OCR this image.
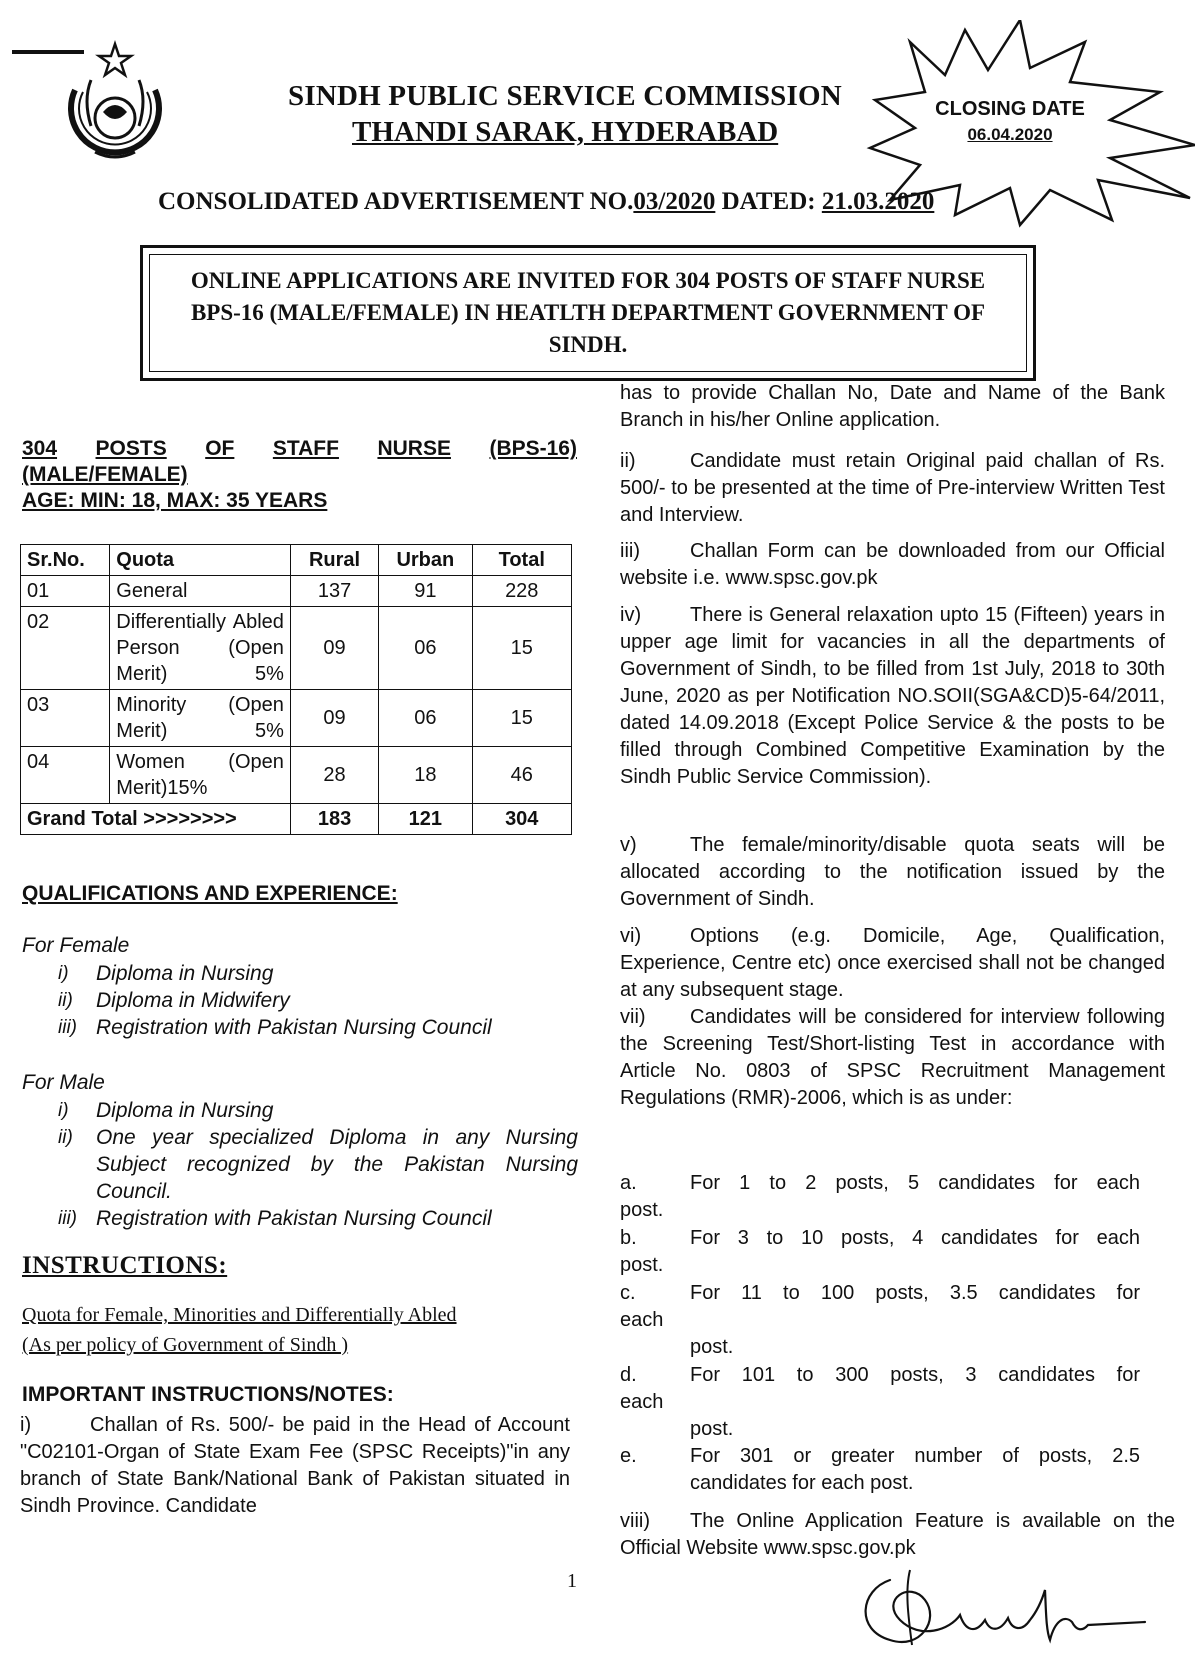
SINDH PUBLIC SERVICE COMMISSION
THANDI SARAK, HYDERABAD
CLOSING DATE
06.04.2020
CONSOLIDATED ADVERTISEMENT NO.03/2020 DATED: 21.03.2020
ONLINE APPLICATIONS ARE INVITED FOR 304 POSTS OF STAFF NURSE BPS-16 (MALE/FEMALE) IN HEATLTH DEPARTMENT GOVERNMENT OF SINDH.
304 POSTS OF STAFF NURSE (BPS-16)
(MALE/FEMALE)
AGE: MIN: 18, MAX: 35 YEARS
Sr.No.	Quota	Rural	Urban	Total
01	General	137	91	228
02	Differentially Abled Person (Open Merit) 5%	09	06	15
03	Minority (Open Merit) 5%	09	06	15
04	Women (Open Merit)15%	28	18	46
Grand Total >>>>>>>>		183	121	304
QUALIFICATIONS AND EXPERIENCE:
For Female
i)	Diploma in Nursing
ii)	Diploma in Midwifery
iii) Registration with Pakistan Nursing Council
For Male
i)	Diploma in Nursing
ii)	One year specialized Diploma in any Nursing Subject recognized by the Pakistan Nursing Council.
iii) Registration with Pakistan Nursing Council
INSTRUCTIONS:
Quota for Female, Minorities and Differentially Abled
(As per policy of Government of Sindh )
IMPORTANT INSTRUCTIONS/NOTES:
i)	Challan of Rs. 500/- be paid in the Head of Account "C02101-Organ of State Exam Fee (SPSC Receipts)"in any branch of State Bank/National Bank of Pakistan situated in Sindh Province. Candidate
has to provide Challan No, Date and Name of the Bank Branch in his/her Online application.
ii)	Candidate must retain Original paid challan of Rs. 500/- to be presented at the time of Pre-interview Written Test and Interview.
iii)	Challan Form can be downloaded from our Official website i.e. www.spsc.gov.pk
iv) There is General relaxation upto 15 (Fifteen) years in upper age limit for vacancies in all the departments of Government of Sindh, to be filled from 1st July, 2018 to 30th June, 2020 as per Notification NO.SOII(SGA&CD)5-64/2011, dated 14.09.2018 (Except Police Service & the posts to be filled through Combined Competitive Examination by the Sindh Public Service Commission).
v)	The female/minority/disable quota seats will be allocated according to the notification issued by the Government of Sindh.
vi) Options (e.g. Domicile, Age, Qualification, Experience, Centre etc) once exercised shall not be changed at any subsequent stage.
vii) Candidates will be considered for interview following the Screening Test/Short-listing Test in accordance with Article No. 0803 of SPSC Recruitment Management Regulations (RMR)-2006, which is as under:
a.	For 1 to 2 posts, 5 candidates for each
post.
b.	For 3 to 10 posts, 4 candidates for each
post.
c.	For 11 to 100 posts, 3.5 candidates for
each
post.
d.	For 101 to 300 posts, 3 candidates for
each
post.
e.	For 301 or greater number of posts, 2.5
candidates for each post.
viii) The Online Application Feature is available on the Official Website www.spsc.gov.pk
1
